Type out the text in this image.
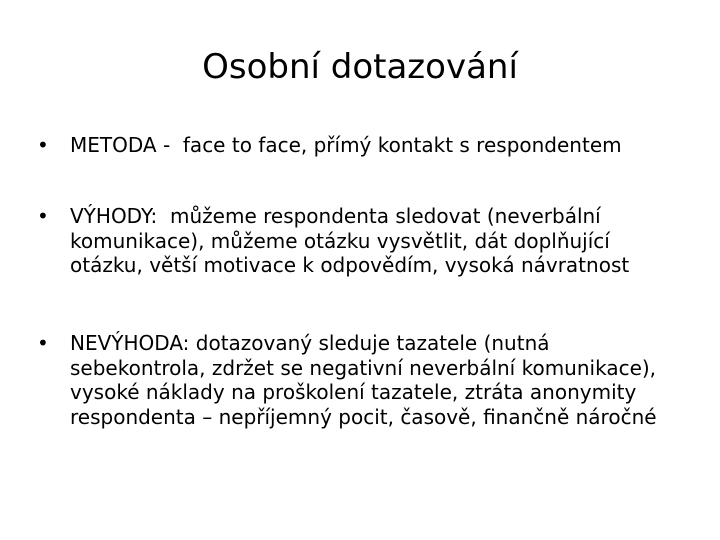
Osobní dotazování
•	METODA -  face to face, přímý kontakt s respondentem
•	VÝHODY:  můžeme respondenta sledovat (neverbální komunikace), můžeme otázku vysvětlit, dát doplňující otázku, větší motivace k odpovědím, vysoká návratnost
•	NEVÝHODA: dotazovaný sleduje tazatele (nutná sebekontrola, zdržet se negativní neverbální komunikace), vysoké náklady na proškolení tazatele, ztráta anonymity respondenta – nepříjemný pocit, časově, finančně náročné
